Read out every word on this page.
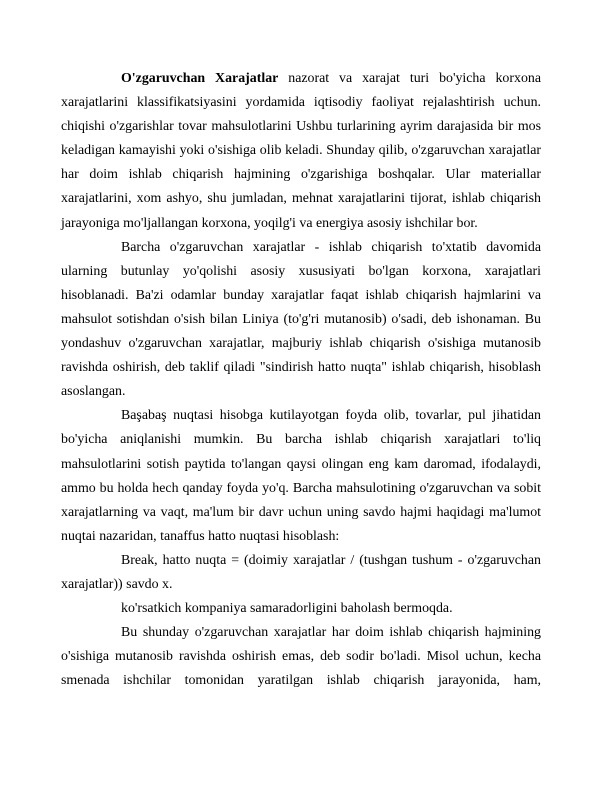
O'zgaruvchan Xarajatlar nazorat va xarajat turi bo'yicha korxona xarajatlarini klassifikatsiyasini yordamida iqtisodiy faoliyat rejalashtirish uchun. chiqishi o'zgarishlar tovar mahsulotlarini Ushbu turlarining ayrim darajasida bir mos keladigan kamayishi yoki o'sishiga olib keladi. Shunday qilib, o'zgaruvchan xarajatlar har doim ishlab chiqarish hajmining o'zgarishiga boshqalar. Ular materiallar xarajatlarini, xom ashyo, shu jumladan, mehnat xarajatlarini tijorat, ishlab chiqarish jarayoniga mo'ljallangan korxona, yoqilg'i va energiya asosiy ishchilar bor.

Barcha o'zgaruvchan xarajatlar - ishlab chiqarish to'xtatib davomida ularning butunlay yo'qolishi asosiy xususiyati bo'lgan korxona, xarajatlari hisoblanadi. Ba'zi odamlar bunday xarajatlar faqat ishlab chiqarish hajmlarini va mahsulot sotishdan o'sish bilan Liniya (to'g'ri mutanosib) o'sadi, deb ishonaman. Bu yondashuv o'zgaruvchan xarajatlar, majburiy ishlab chiqarish o'sishiga mutanosib ravishda oshirish, deb taklif qiladi "sindirish hatto nuqta" ishlab chiqarish, hisoblash asoslangan.

Başabaş nuqtasi hisobga kutilayotgan foyda olib, tovarlar, pul jihatidan bo'yicha aniqlanishi mumkin. Bu barcha ishlab chiqarish xarajatlari to'liq mahsulotlarini sotish paytida to'langan qaysi olingan eng kam daromad, ifodalaydi, ammo bu holda hech qanday foyda yo'q. Barcha mahsulotining o'zgaruvchan va sobit xarajatlarning va vaqt, ma'lum bir davr uchun uning savdo hajmi haqidagi ma'lumot nuqtai nazaridan, tanaffus hatto nuqtasi hisoblash:

Break, hatto nuqta = (doimiy xarajatlar / (tushgan tushum - o'zgaruvchan xarajatlar)) savdo x.

ko'rsatkich kompaniya samaradorligini baholash bermoqda.

Bu shunday o'zgaruvchan xarajatlar har doim ishlab chiqarish hajmining o'sishiga mutanosib ravishda oshirish emas, deb sodir bo'ladi. Misol uchun, kecha smenada ishchilar tomonidan yaratilgan ishlab chiqarish jarayonida, ham,
